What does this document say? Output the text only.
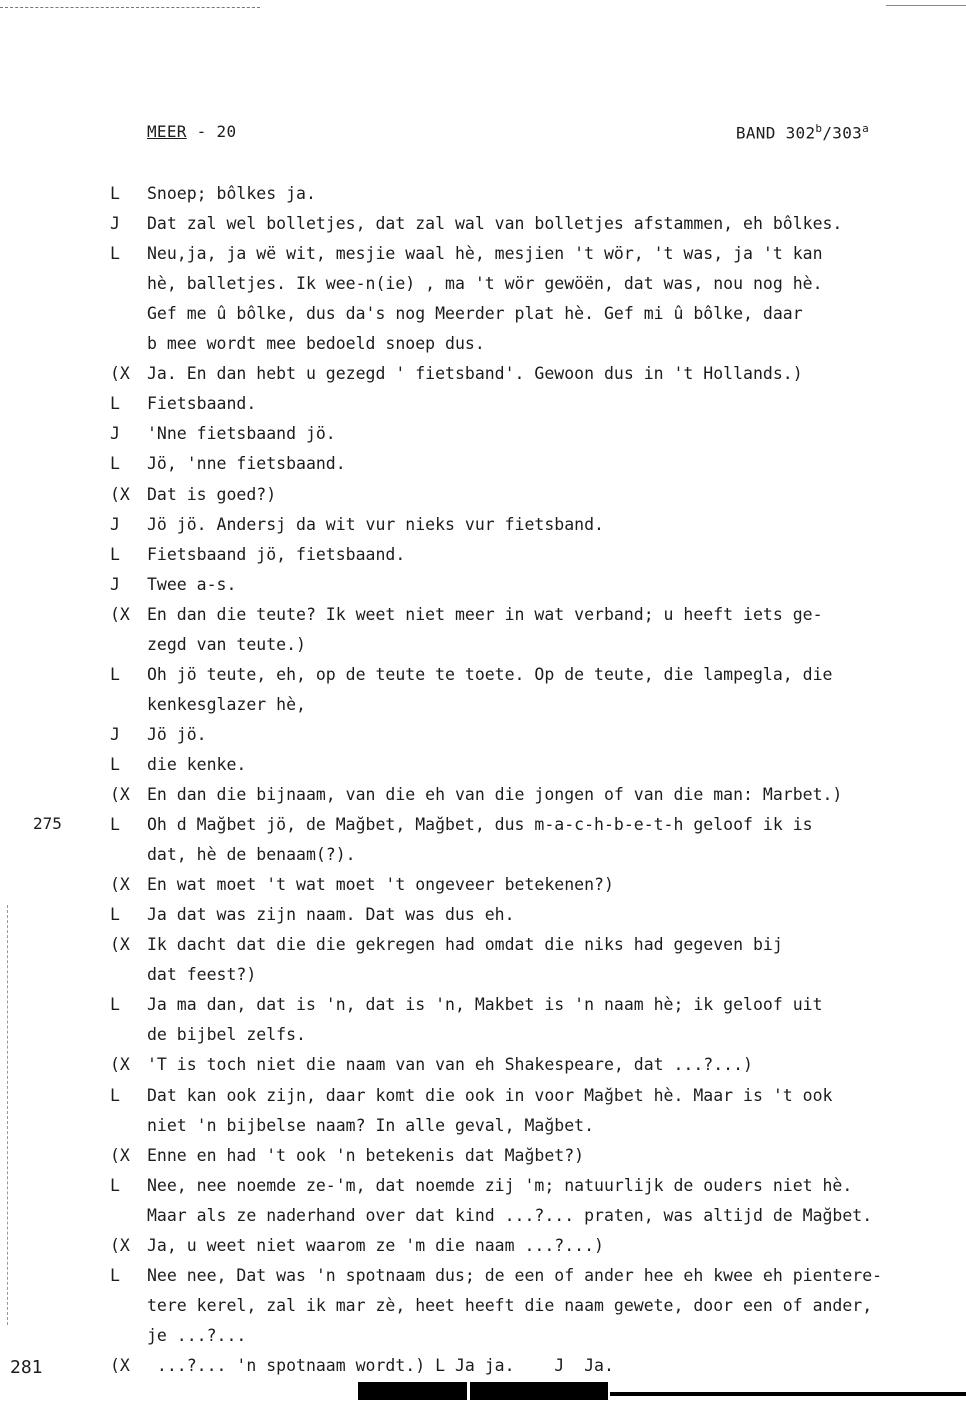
MEER - 20	BAND 302$^b$/303$^a$
L	Snoep; bôlkes ja.
J	Dat zal wel bolletjes, dat zal wal van bolletjes afstammen, eh bôlkes.
L	Neu,ja, ja wë wit, mesjie waal hè, mesjien 't wör, 't was, ja 't kan
hè, balletjes. Ik wee-n(ie) , ma 't wör gewöën, dat was, nou nog hè.
Gef me û bôlke, dus da's nog Meerder plat hè. Gef mi û bôlke, daar
b mee wordt mee bedoeld snoep dus.
(X	Ja. En dan hebt u gezegd ' fietsband'. Gewoon dus in 't Hollands.)
L	Fietsbaand.
J	'Nne fietsbaand jö.
L	Jö, 'nne fietsbaand.
(X	Dat is goed?)
J	Jö jö. Andersj da wit vur nieks vur fietsband.
L	Fietsbaand jö, fietsbaand.
J	Twee a-s.
(X	En dan die teute? Ik weet niet meer in wat verband; u heeft iets ge-
zegd van teute.)
L	Oh jö teute, eh, op de teute te toete. Op de teute, die lampegla, die
kenkesglazer hè,
J	Jö jö.
L	die kenke.
(X	En dan die bijnaam, van die eh van die jongen of van die man: Marbet.)
L	Oh d Mağbet jö, de Mağbet, Mağbet, dus m-a-c-h-b-e-t-h geloof ik is
dat, hè de benaam(?).
(X	En wat moet 't wat moet 't ongeveer betekenen?)
L	Ja dat was zijn naam. Dat was dus eh.
(X	Ik dacht dat die die gekregen had omdat die niks had gegeven bij
dat feest?)
L	Ja ma dan, dat is 'n, dat is 'n, Makbet is 'n naam hè; ik geloof uit
de bijbel zelfs.
(X	'T is toch niet die naam van van eh Shakespeare, dat ...?...)
L	Dat kan ook zijn, daar komt die ook in voor Mağbet hè. Maar is 't ook
niet 'n bijbelse naam? In alle geval, Mağbet.
(X	Enne en had 't ook 'n betekenis dat Mağbet?)
L	Nee, nee noemde ze-'m, dat noemde zij 'm; natuurlijk de ouders niet hè.
Maar als ze naderhand over dat kind ...?... praten, was altijd de Mağbet.
(X	Ja, u weet niet waarom ze 'm die naam ...?...)
L	Nee nee, Dat was 'n spotnaam dus; de een of ander hee eh kwee eh pientere-
tere kerel, zal ik mar zè, heet heeft die naam gewete, door een of ander,
je ...?...
(X	...?... 'n spotnaam wordt.) L Ja ja.    J  Ja.
275
281
